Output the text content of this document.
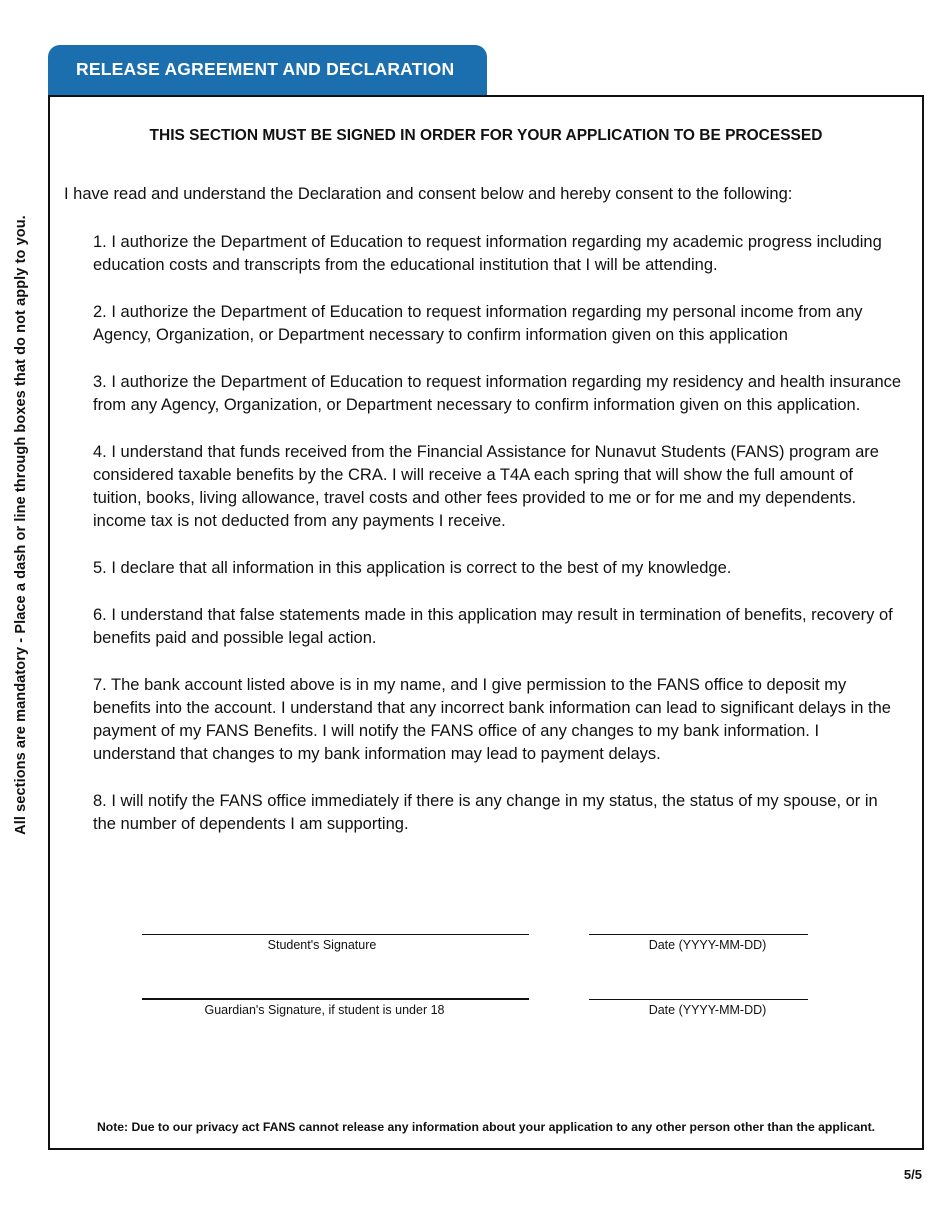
All sections are mandatory - Place a dash or line through boxes that do not apply to you.
RELEASE AGREEMENT AND DECLARATION
THIS SECTION MUST BE SIGNED IN ORDER FOR YOUR APPLICATION TO BE PROCESSED
I have read and understand the Declaration and consent below and hereby consent to the following:
1. I authorize the Department of Education to request information regarding my academic progress including education costs and transcripts from the educational institution that I will be attending.
2. I authorize the Department of Education to request information regarding my personal income from any Agency, Organization, or Department necessary to confirm information given on this application
3. I authorize the Department of Education to request information regarding my residency and health insurance from any Agency, Organization, or Department necessary to confirm information given on this application.
4. I understand that funds received from the Financial Assistance for Nunavut Students (FANS) program are considered taxable benefits by the CRA. I will receive a T4A each spring that will show the full amount of tuition, books, living allowance, travel costs and other fees provided to me or for me and my dependents. income tax is not deducted from any payments I receive.
5. I declare that all information in this application is correct to the best of my knowledge.
6. I understand that false statements made in this application may result in termination of benefits, recovery of benefits paid and possible legal action.
7. The bank account listed above is in my name, and I give permission to the FANS office to deposit my benefits into the account. I understand that any incorrect bank information can lead to significant delays in the payment of my FANS Benefits. I will notify the FANS office of any changes to my bank information. I understand that changes to my bank information may lead to payment delays.
8. I will notify the FANS office immediately if there is any change in my status, the status of my spouse, or in the number of dependents I am supporting.
Student's Signature	Date (YYYY-MM-DD)
Guardian's Signature, if student is under 18	Date (YYYY-MM-DD)
Note: Due to our privacy act FANS cannot release any information about your application to any other person other than the applicant.
5/5
